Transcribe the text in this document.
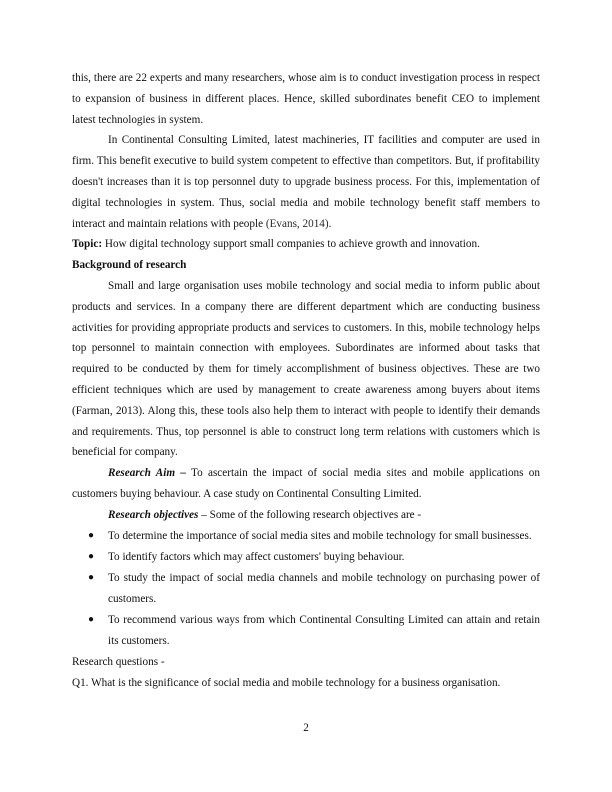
this, there are 22 experts and many researchers, whose aim is to conduct investigation process in respect to expansion of business in different places. Hence, skilled subordinates benefit CEO to implement latest technologies in system.

In Continental Consulting Limited, latest machineries, IT facilities and computer are used in firm. This benefit executive to build system competent to effective than competitors. But, if profitability doesn't increases than it is top personnel duty to upgrade business process. For this, implementation of digital technologies in system. Thus, social media and mobile technology benefit staff members to interact and maintain relations with people (Evans, 2014).

Topic: How digital technology support small companies to achieve growth and innovation.

Background of research

Small and large organisation uses mobile technology and social media to inform public about products and services. In a company there are different department which are conducting business activities for providing appropriate products and services to customers. In this, mobile technology helps top personnel to maintain connection with employees. Subordinates are informed about tasks that required to be conducted by them for timely accomplishment of business objectives. These are two efficient techniques which are used by management to create awareness among buyers about items (Farman, 2013). Along this, these tools also help them to interact with people to identify their demands and requirements. Thus, top personnel is able to construct long term relations with customers which is beneficial for company.

Research Aim – To ascertain the impact of social media sites and mobile applications on customers buying behaviour. A case study on Continental Consulting Limited.

Research objectives – Some of the following research objectives are -

● To determine the importance of social media sites and mobile technology for small businesses.
● To identify factors which may affect customers' buying behaviour.
● To study the impact of social media channels and mobile technology on purchasing power of customers.
● To recommend various ways from which Continental Consulting Limited can attain and retain its customers.

Research questions -

Q1. What is the significance of social media and mobile technology for a business organisation.

2
